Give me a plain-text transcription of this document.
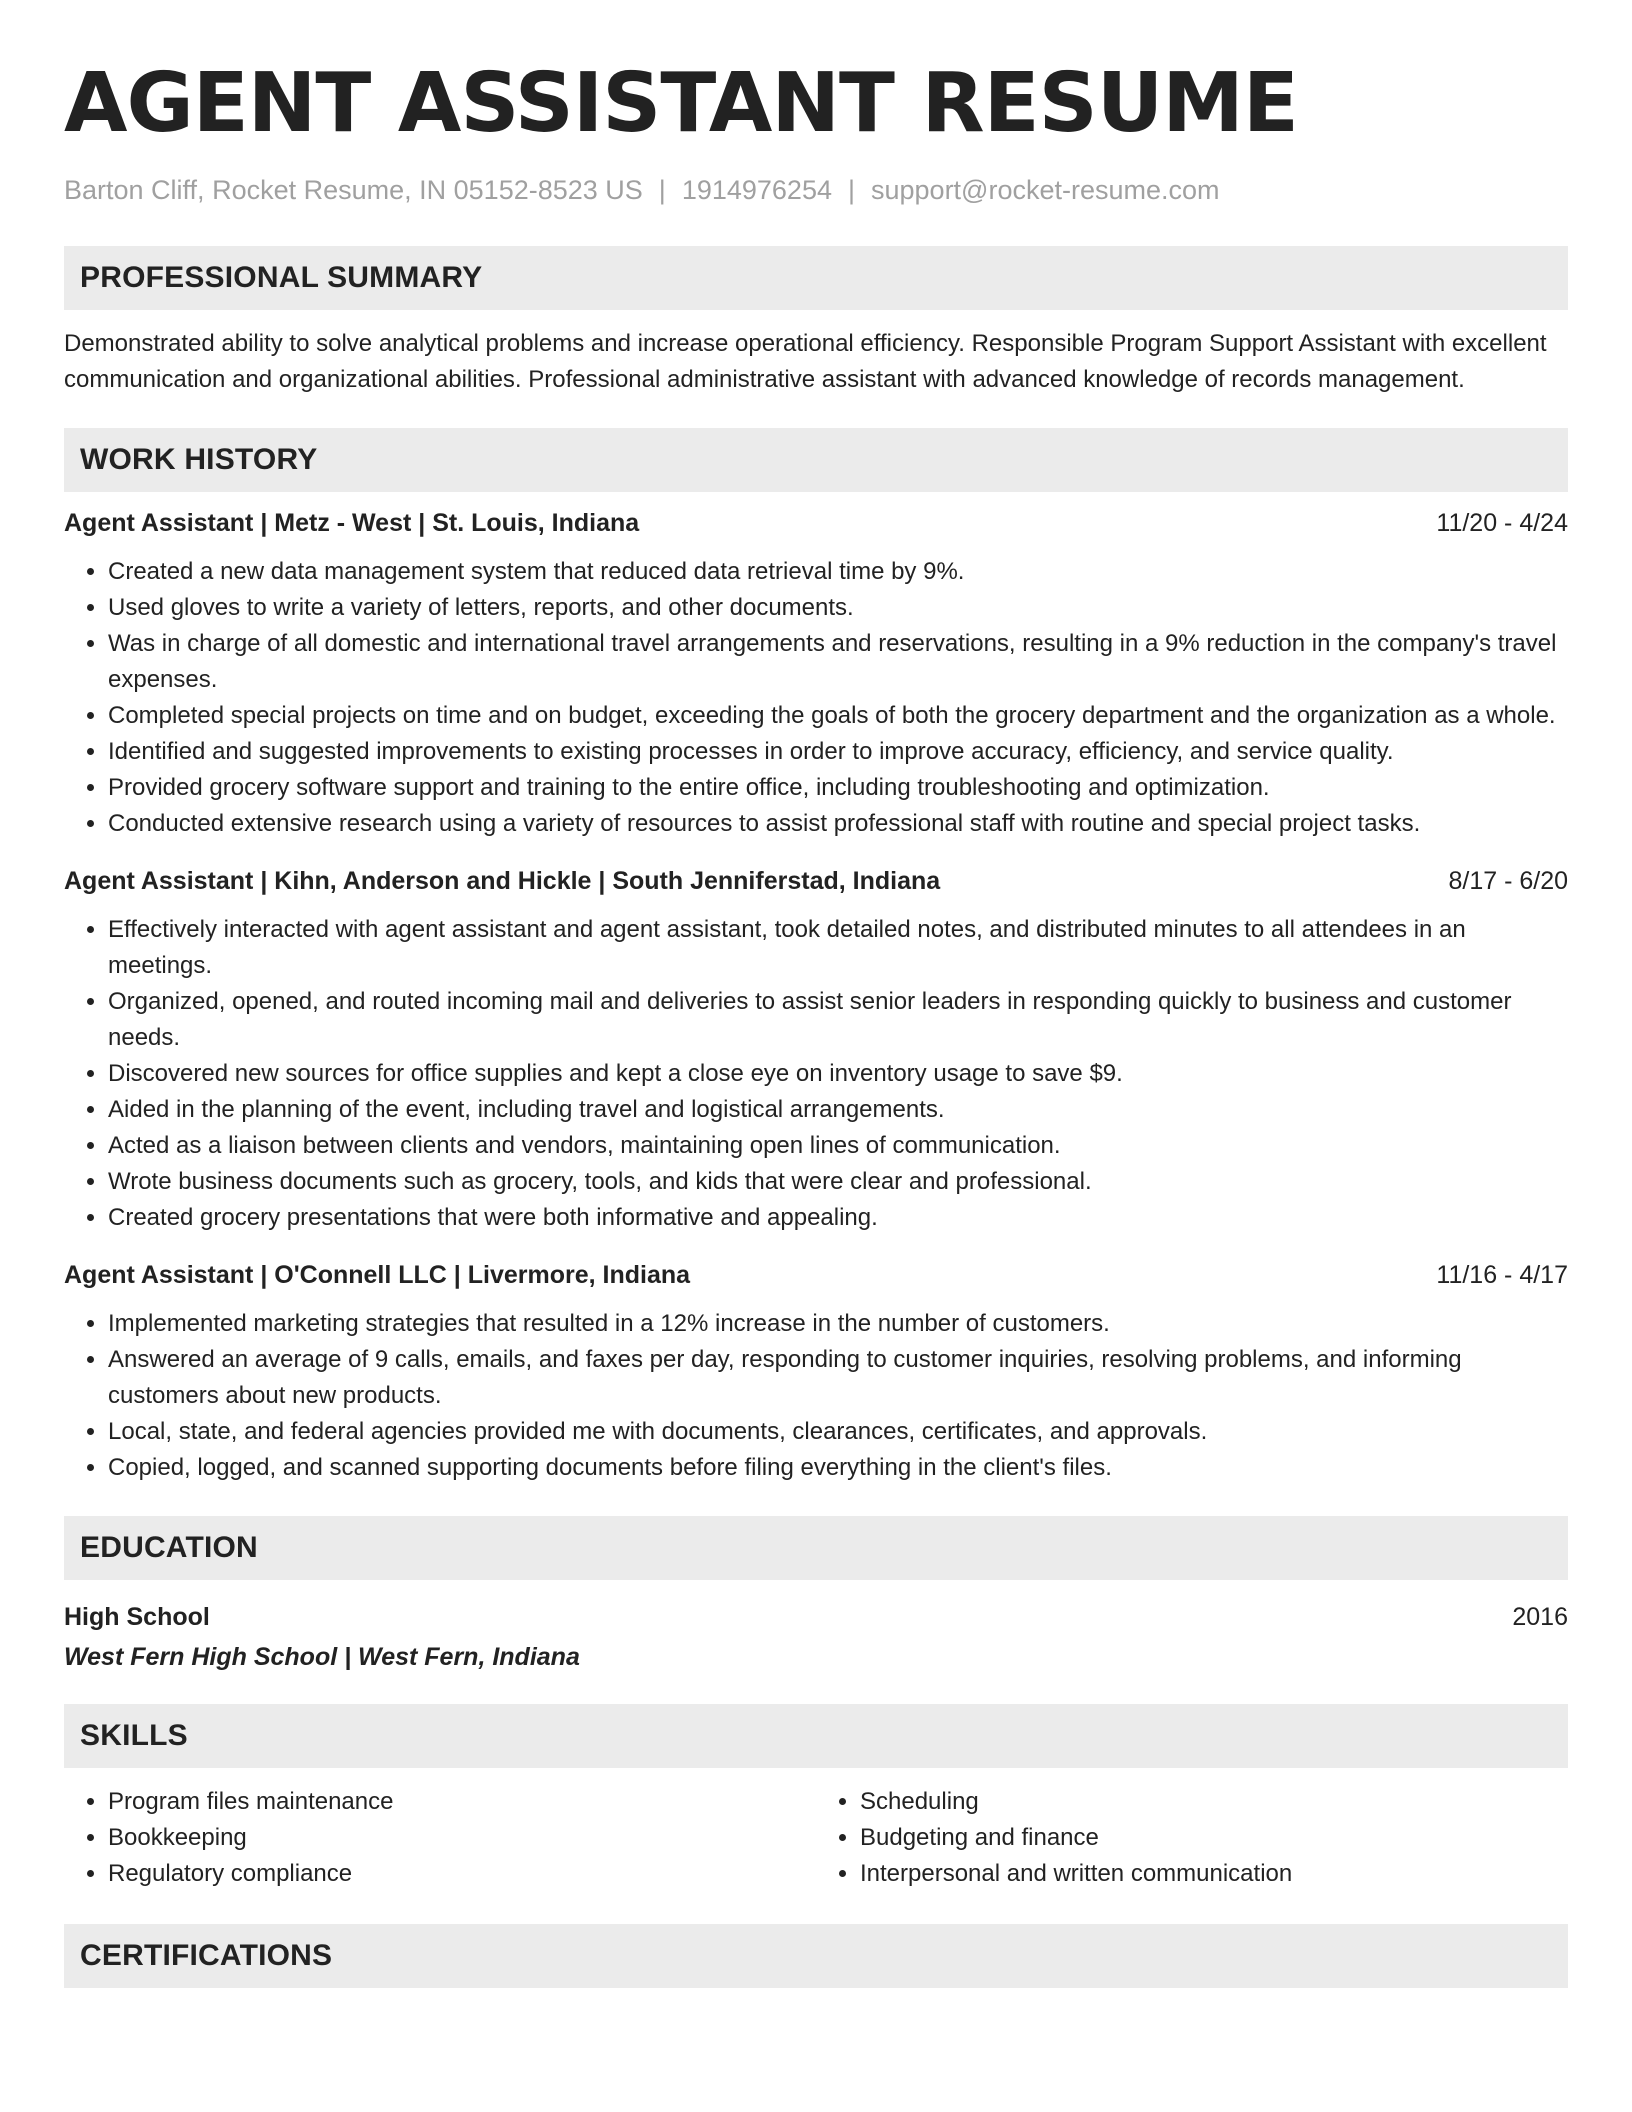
AGENT ASSISTANT RESUME
Barton Cliff, Rocket Resume, IN 05152-8523 US | 1914976254 | support@rocket-resume.com
PROFESSIONAL SUMMARY

Demonstrated ability to solve analytical problems and increase operational efficiency. Responsible Program Support Assistant with excellent communication and organizational abilities. Professional administrative assistant with advanced knowledge of records management.

WORK HISTORY
Agent Assistant | Metz - West | St. Louis, Indiana	11/20 - 4/24
• Created a new data management system that reduced data retrieval time by 9%.
• Used gloves to write a variety of letters, reports, and other documents.
• Was in charge of all domestic and international travel arrangements and reservations, resulting in a 9% reduction in the company's travel expenses.
• Completed special projects on time and on budget, exceeding the goals of both the grocery department and the organization as a whole.
• Identified and suggested improvements to existing processes in order to improve accuracy, efficiency, and service quality.
• Provided grocery software support and training to the entire office, including troubleshooting and optimization.
• Conducted extensive research using a variety of resources to assist professional staff with routine and special project tasks.
Agent Assistant | Kihn, Anderson and Hickle | South Jenniferstad, Indiana	8/17 - 6/20
• Effectively interacted with agent assistant and agent assistant, took detailed notes, and distributed minutes to all attendees in an meetings.
• Organized, opened, and routed incoming mail and deliveries to assist senior leaders in responding quickly to business and customer needs.
• Discovered new sources for office supplies and kept a close eye on inventory usage to save $9.
• Aided in the planning of the event, including travel and logistical arrangements.
• Acted as a liaison between clients and vendors, maintaining open lines of communication.
• Wrote business documents such as grocery, tools, and kids that were clear and professional.
• Created grocery presentations that were both informative and appealing.
Agent Assistant | O'Connell LLC | Livermore, Indiana	11/16 - 4/17
• Implemented marketing strategies that resulted in a 12% increase in the number of customers.
• Answered an average of 9 calls, emails, and faxes per day, responding to customer inquiries, resolving problems, and informing customers about new products.
• Local, state, and federal agencies provided me with documents, clearances, certificates, and approvals.
• Copied, logged, and scanned supporting documents before filing everything in the client's files.
EDUCATION
High School	2016
West Fern High School | West Fern, Indiana
SKILLS
• Program files maintenance
• Bookkeeping
• Regulatory compliance
• Scheduling
• Budgeting and finance
• Interpersonal and written communication
CERTIFICATIONS
